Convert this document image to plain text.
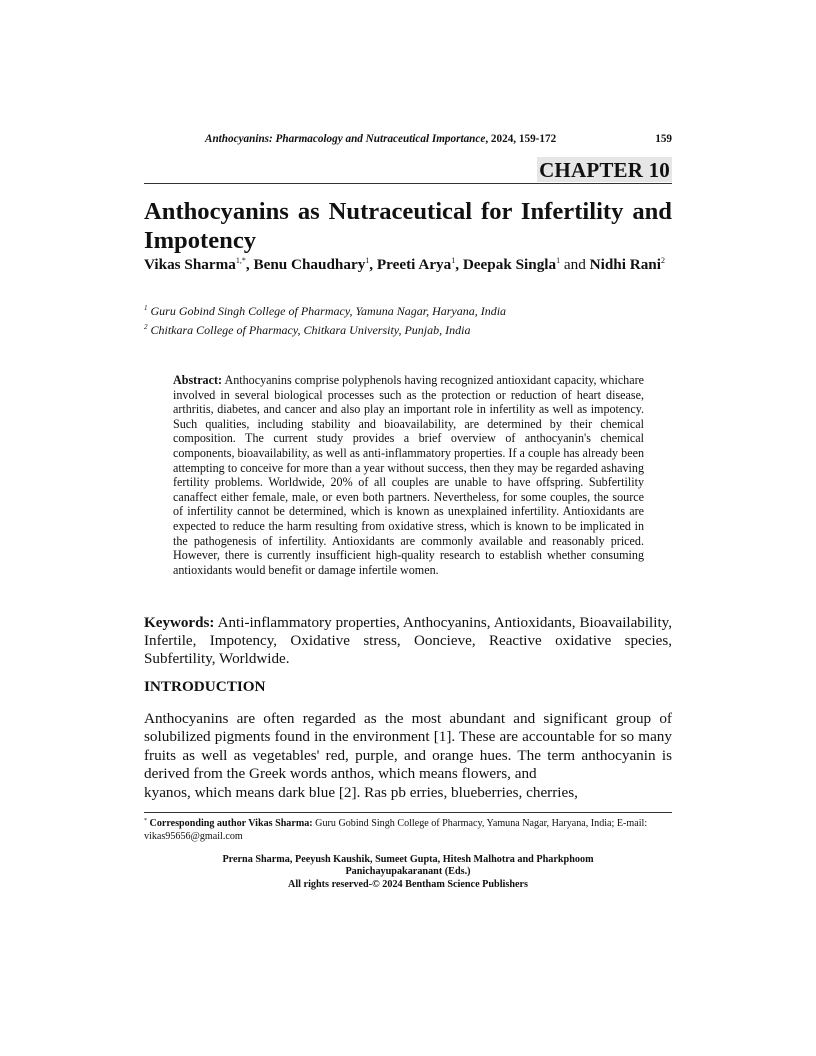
Anthocyanins: Pharmacology and Nutraceutical Importance, 2024, 159-172	159
CHAPTER 10
Anthocyanins as Nutraceutical for Infertility and Impotency
Vikas Sharma$^{1,*}$, Benu Chaudhary$^1$, Preeti Arya$^1$, Deepak Singla$^1$ and Nidhi Rani$^2$
$^1$ Guru Gobind Singh College of Pharmacy, Yamuna Nagar, Haryana, India
$^2$ Chitkara College of Pharmacy, Chitkara University, Punjab, India
Abstract: Anthocyanins comprise polyphenols having recognized antioxidant capacity, whichare involved in several biological processes such as the protection or reduction of heart disease, arthritis, diabetes, and cancer and also play an important role in infertility as well as impotency. Such qualities, including stability and bioavailability, are determined by their chemical composition. The current study provides a brief overview of anthocyanin's chemical components, bioavailability, as well as anti-inflammatory properties. If a couple has already been attempting to conceive for more than a year without success, then they may be regarded ashaving fertility problems. Worldwide, 20% of all couples are unable to have offspring. Subfertility canaffect either female, male, or even both partners. Nevertheless, for some couples, the source of infertility cannot be determined, which is known as unexplained infertility. Antioxidants are expected to reduce the harm resulting from oxidative stress, which is known to be implicated in the pathogenesis of infertility. Antioxidants are commonly available and reasonably priced. However, there is currently insufficient high-quality research to establish whether consuming antioxidants would benefit or damage infertile women.
Keywords: Anti-inflammatory properties, Anthocyanins, Antioxidants, Bioavailability, Infertile, Impotency, Oxidative stress, Ooncieve, Reactive oxidative species, Subfertility, Worldwide.
INTRODUCTION
Anthocyanins are often regarded as the most abundant and significant group of solubilized pigments found in the environment [1]. These are accountable for so many fruits as well as vegetables' red, purple, and orange hues. The term anthocyanin is derived from the Greek words anthos, which means flowers, and
kyanos, which means dark blue [2]. Ras pb erries, blueberries, cherries,
* Corresponding author Vikas Sharma: Guru Gobind Singh College of Pharmacy, Yamuna Nagar, Haryana, India; E-mail: vikas95656@gmail.com
Prerna Sharma, Peeyush Kaushik, Sumeet Gupta, Hitesh Malhotra and Pharkphoom
Panichayupakaranant (Eds.)
All rights reserved-© 2024 Bentham Science Publishers
